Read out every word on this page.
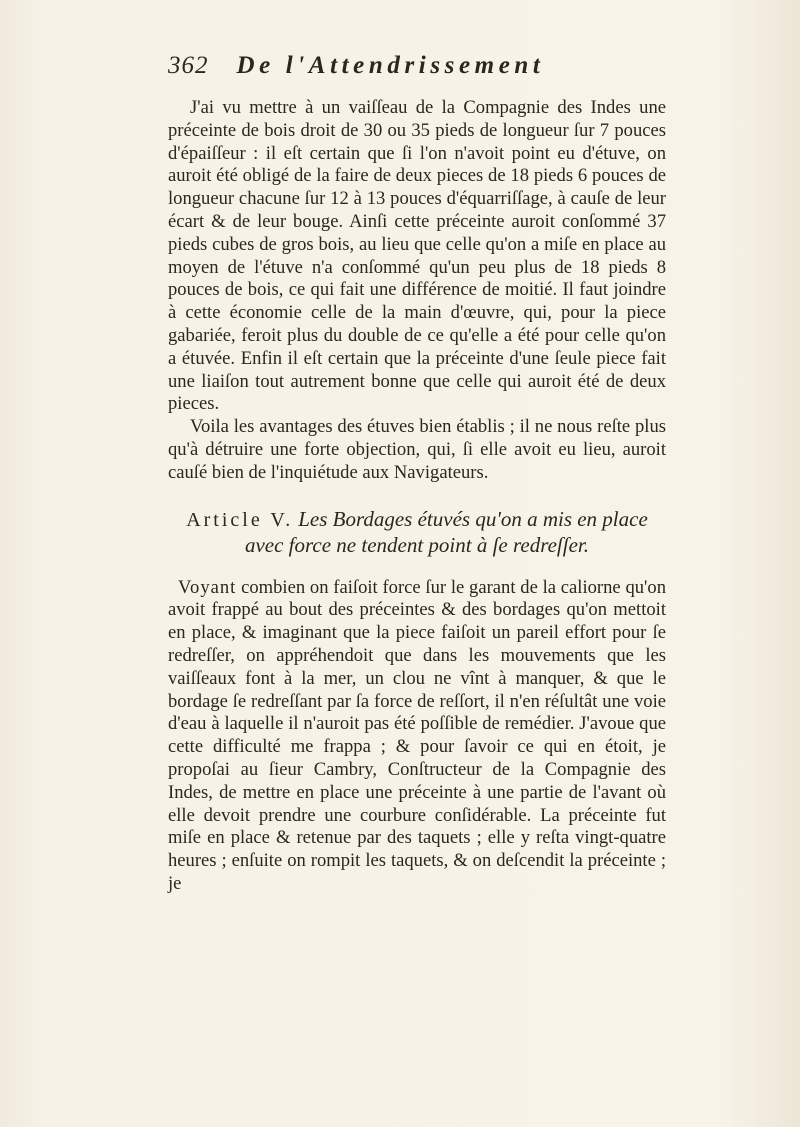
362 De l'Attendrissement

J'ai vu mettre à un vaiſſeau de la Compagnie des Indes une préceinte de bois droit de 30 ou 35 pieds de longueur ſur 7 pouces d'épaiſſeur : il eſt certain que ſi l'on n'avoit point eu d'étuve, on auroit été obligé de la faire de deux pieces de 18 pieds 6 pouces de longueur chacune ſur 12 à 13 pouces d'équarriſſage, à cauſe de leur écart & de leur bouge. Ainſi cette préceinte auroit conſommé 37 pieds cubes de gros bois, au lieu que celle qu'on a miſe en place au moyen de l'étuve n'a conſommé qu'un peu plus de 18 pieds 8 pouces de bois, ce qui fait une différence de moitié. Il faut joindre à cette économie celle de la main d'œuvre, qui, pour la piece gabariée, feroit plus du double de ce qu'elle a été pour celle qu'on a étuvée. Enfin il eſt certain que la préceinte d'une ſeule piece fait une liaiſon tout autrement bonne que celle qui auroit été de deux pieces.

Voila les avantages des étuves bien établis ; il ne nous reſte plus qu'à détruire une forte objection, qui, ſi elle avoit eu lieu, auroit cauſé bien de l'inquiétude aux Navigateurs.

Article V. Les Bordages étuvés qu'on a mis en place avec force ne tendent point à ſe redreſſer.

Voyant combien on faiſoit force ſur le garant de la caliorne qu'on avoit frappé au bout des préceintes & des bordages qu'on mettoit en place, & imaginant que la piece faiſoit un pareil effort pour ſe redreſſer, on appréhendoit que dans les mouvements que les vaiſſeaux font à la mer, un clou ne vînt à manquer, & que le bordage ſe redreſſant par ſa force de reſſort, il n'en réſultât une voie d'eau à laquelle il n'auroit pas été poſſible de remédier. J'avoue que cette difficulté me frappa ; & pour ſavoir ce qui en étoit, je propoſai au ſieur Cambry, Conſtructeur de la Compagnie des Indes, de mettre en place une préceinte à une partie de l'avant où elle devoit prendre une courbure conſidérable. La préceinte fut miſe en place & retenue par des taquets ; elle y reſta vingt-quatre heures ; enſuite on rompit les taquets, & on deſcendit la préceinte ; je
